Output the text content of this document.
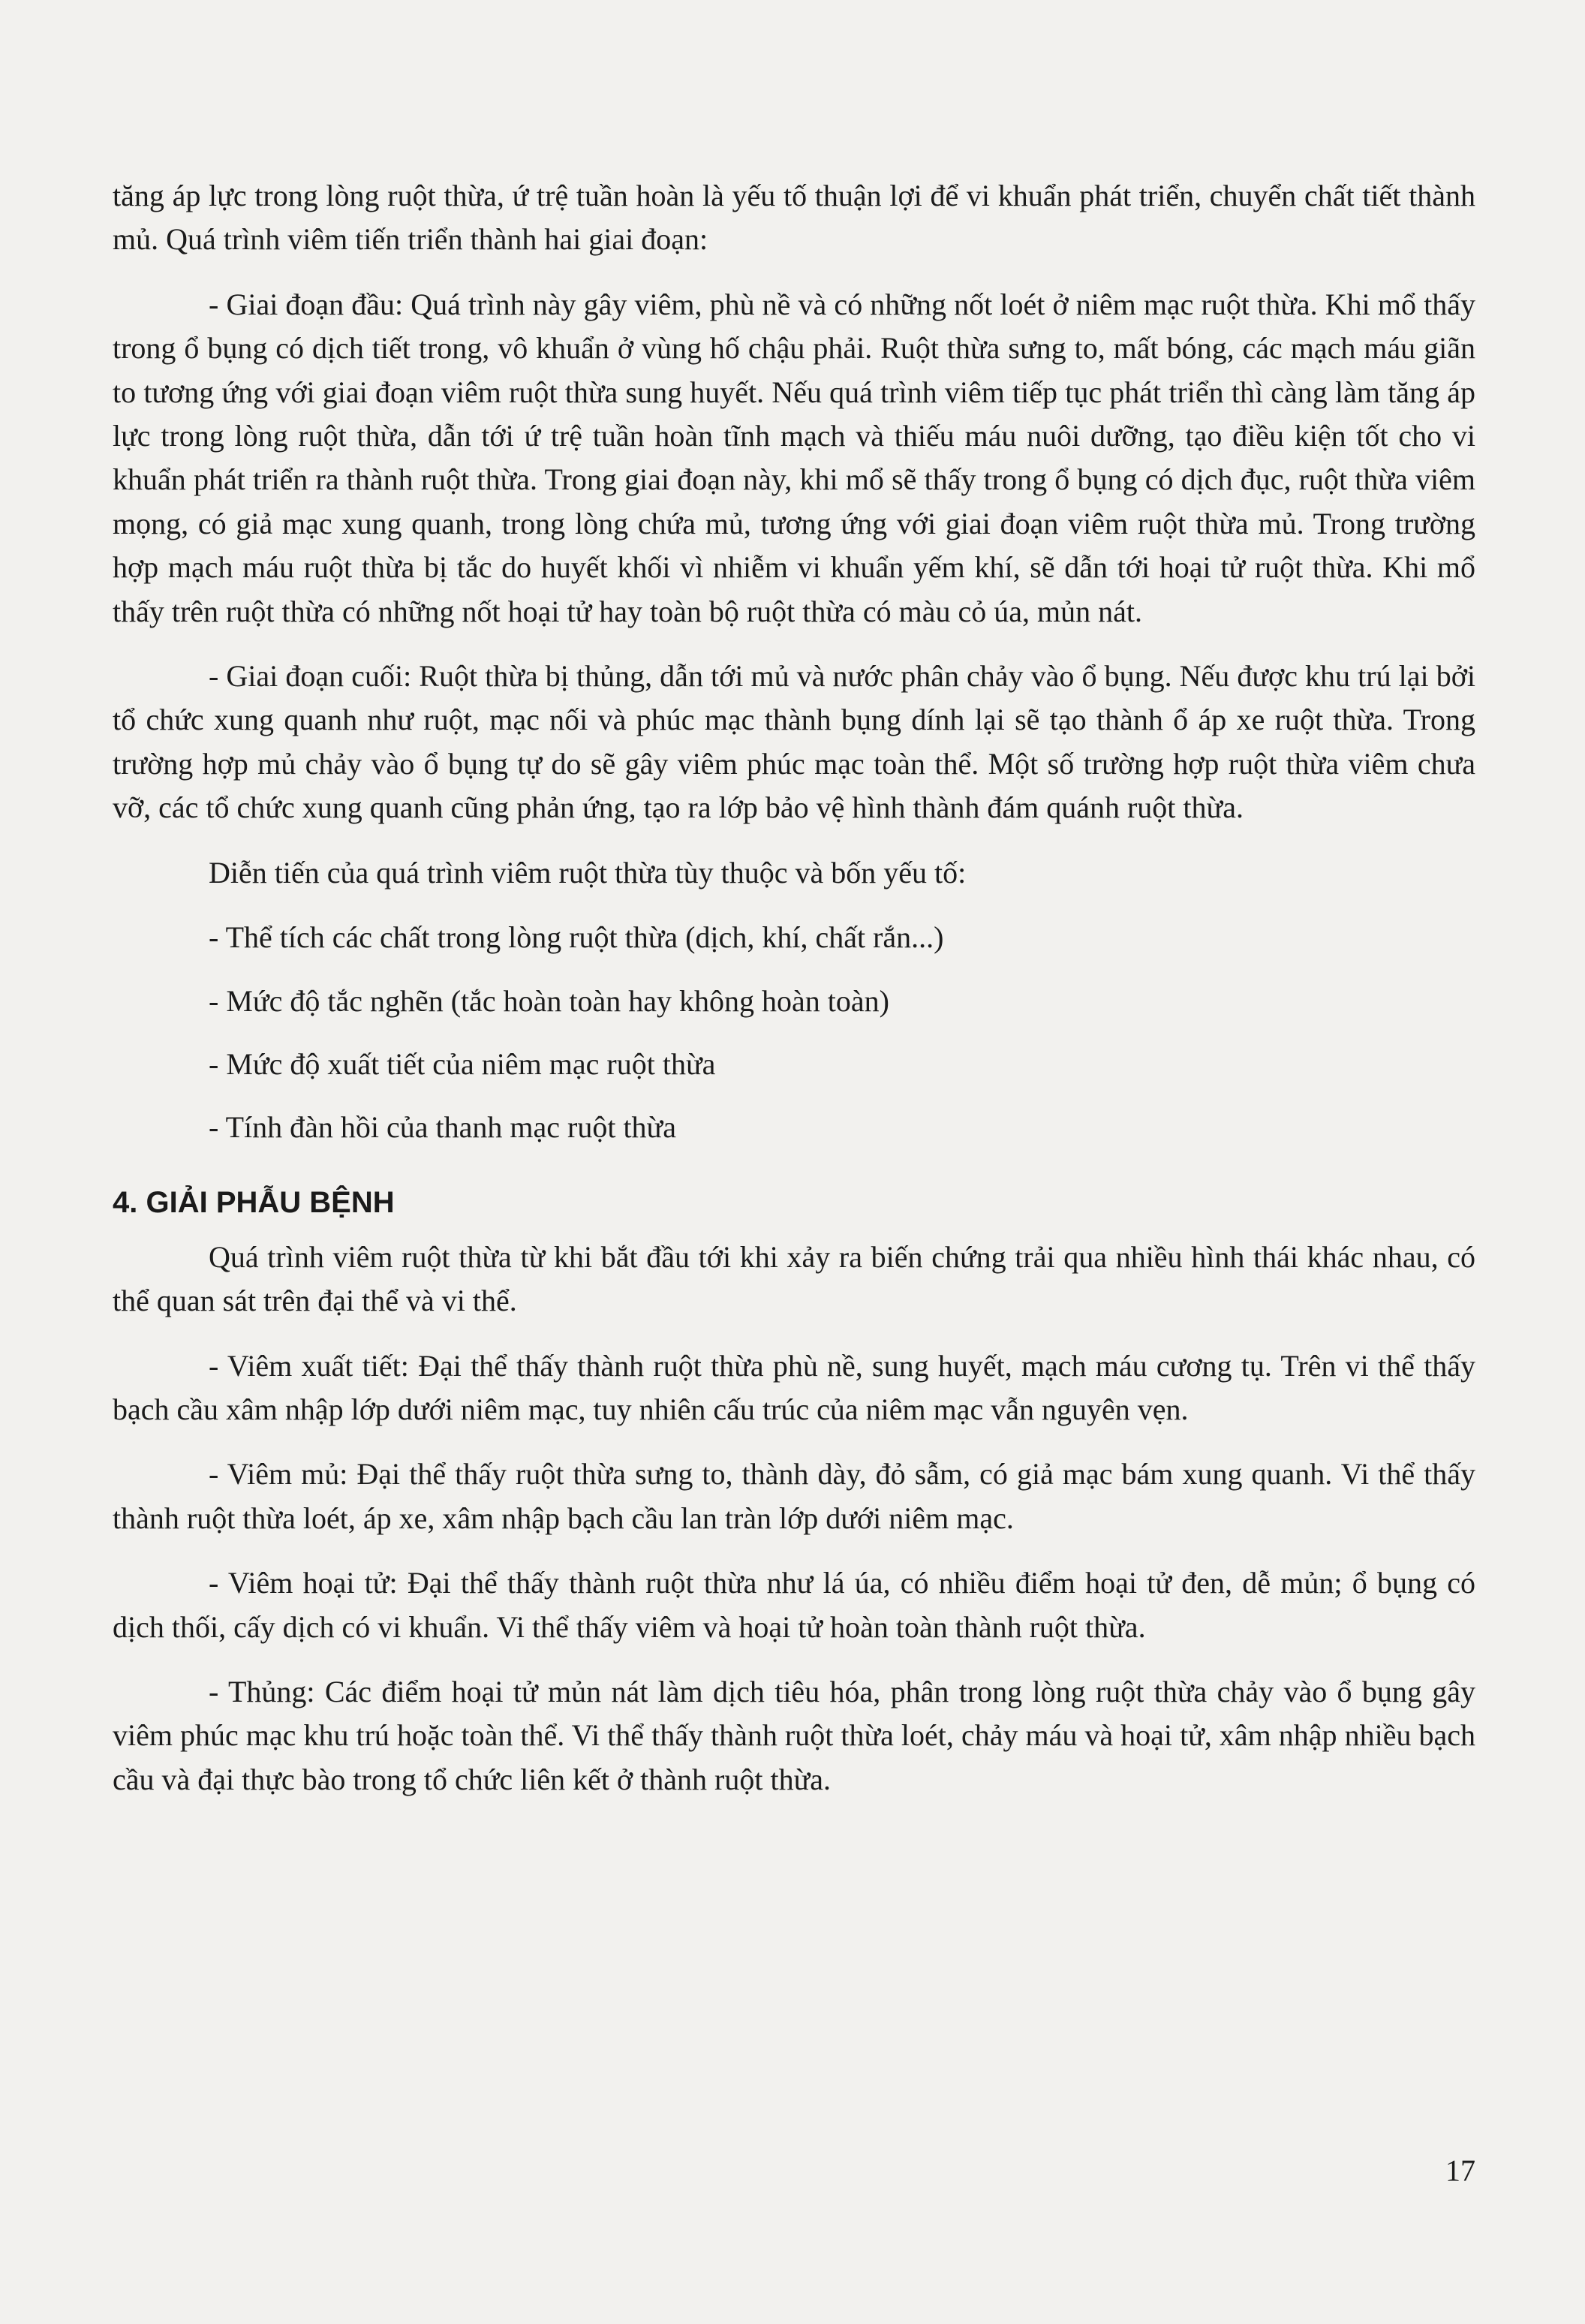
tăng áp lực trong lòng ruột thừa, ứ trệ tuần hoàn là yếu tố thuận lợi để vi khuẩn phát triển, chuyển chất tiết thành mủ. Quá trình viêm tiến triển thành hai giai đoạn:

- Giai đoạn đầu: Quá trình này gây viêm, phù nề và có những nốt loét ở niêm mạc ruột thừa. Khi mổ thấy trong ổ bụng có dịch tiết trong, vô khuẩn ở vùng hố chậu phải. Ruột thừa sưng to, mất bóng, các mạch máu giãn to tương ứng với giai đoạn viêm ruột thừa sung huyết. Nếu quá trình viêm tiếp tục phát triển thì càng làm tăng áp lực trong lòng ruột thừa, dẫn tới ứ trệ tuần hoàn tĩnh mạch và thiếu máu nuôi dưỡng, tạo điều kiện tốt cho vi khuẩn phát triển ra thành ruột thừa. Trong giai đoạn này, khi mổ sẽ thấy trong ổ bụng có dịch đục, ruột thừa viêm mọng, có giả mạc xung quanh, trong lòng chứa mủ, tương ứng với giai đoạn viêm ruột thừa mủ. Trong trường hợp mạch máu ruột thừa bị tắc do huyết khối vì nhiễm vi khuẩn yếm khí, sẽ dẫn tới hoại tử ruột thừa. Khi mổ thấy trên ruột thừa có những nốt hoại tử hay toàn bộ ruột thừa có màu cỏ úa, mủn nát.

- Giai đoạn cuối: Ruột thừa bị thủng, dẫn tới mủ và nước phân chảy vào ổ bụng. Nếu được khu trú lại bởi tổ chức xung quanh như ruột, mạc nối và phúc mạc thành bụng dính lại sẽ tạo thành ổ áp xe ruột thừa. Trong trường hợp mủ chảy vào ổ bụng tự do sẽ gây viêm phúc mạc toàn thể. Một số trường hợp ruột thừa viêm chưa vỡ, các tổ chức xung quanh cũng phản ứng, tạo ra lớp bảo vệ hình thành đám quánh ruột thừa.

Diễn tiến của quá trình viêm ruột thừa tùy thuộc và bốn yếu tố:

- Thể tích các chất trong lòng ruột thừa (dịch, khí, chất rắn...)

- Mức độ tắc nghẽn (tắc hoàn toàn hay không hoàn toàn)

- Mức độ xuất tiết của niêm mạc ruột thừa

- Tính đàn hồi của thanh mạc ruột thừa

4. GIẢI PHẪU BỆNH

Quá trình viêm ruột thừa từ khi bắt đầu tới khi xảy ra biến chứng trải qua nhiều hình thái khác nhau, có thể quan sát trên đại thể và vi thể.

- Viêm xuất tiết: Đại thể thấy thành ruột thừa phù nề, sung huyết, mạch máu cương tụ. Trên vi thể thấy bạch cầu xâm nhập lớp dưới niêm mạc, tuy nhiên cấu trúc của niêm mạc vẫn nguyên vẹn.

- Viêm mủ: Đại thể thấy ruột thừa sưng to, thành dày, đỏ sẫm, có giả mạc bám xung quanh. Vi thể thấy thành ruột thừa loét, áp xe, xâm nhập bạch cầu lan tràn lớp dưới niêm mạc.

- Viêm hoại tử: Đại thể thấy thành ruột thừa như lá úa, có nhiều điểm hoại tử đen, dễ mủn; ổ bụng có dịch thối, cấy dịch có vi khuẩn. Vi thể thấy viêm và hoại tử hoàn toàn thành ruột thừa.

- Thủng: Các điểm hoại tử mủn nát làm dịch tiêu hóa, phân trong lòng ruột thừa chảy vào ổ bụng gây viêm phúc mạc khu trú hoặc toàn thể. Vi thể thấy thành ruột thừa loét, chảy máu và hoại tử, xâm nhập nhiều bạch cầu và đại thực bào trong tổ chức liên kết ở thành ruột thừa.

17
